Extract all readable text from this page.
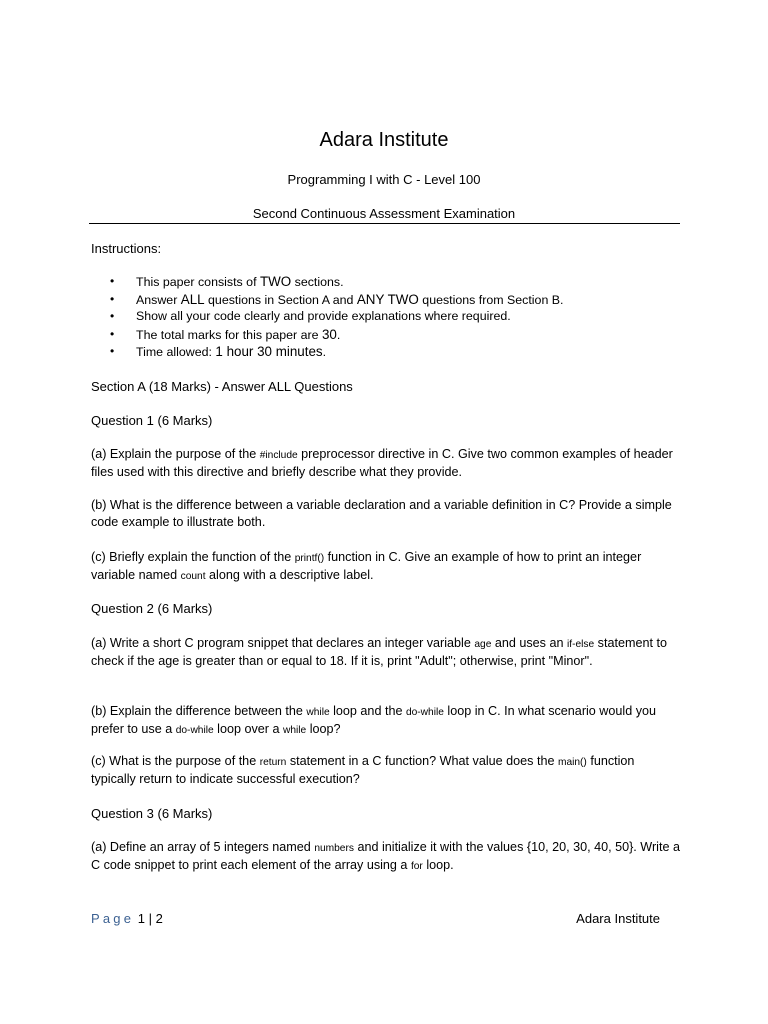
Adara Institute
Programming I with C - Level 100
Second Continuous Assessment Examination
Instructions:
• This paper consists of TWO sections.
• Answer ALL questions in Section A and ANY TWO questions from Section B.
• Show all your code clearly and provide explanations where required.
• The total marks for this paper are 30.
• Time allowed: 1 hour 30 minutes.
Section A (18 Marks) - Answer ALL Questions
Question 1 (6 Marks)
(a) Explain the purpose of the #include preprocessor directive in C. Give two common examples of header files used with this directive and briefly describe what they provide.
(b) What is the difference between a variable declaration and a variable definition in C? Provide a simple code example to illustrate both.
(c) Briefly explain the function of the printf() function in C. Give an example of how to print an integer variable named count along with a descriptive label.
Question 2 (6 Marks)
(a) Write a short C program snippet that declares an integer variable age and uses an if-else statement to check if the age is greater than or equal to 18. If it is, print "Adult"; otherwise, print "Minor".
(b) Explain the difference between the while loop and the do-while loop in C. In what scenario would you prefer to use a do-while loop over a while loop?
(c) What is the purpose of the return statement in a C function? What value does the main() function typically return to indicate successful execution?
Question 3 (6 Marks)
(a) Define an array of 5 integers named numbers and initialize it with the values {10, 20, 30, 40, 50}. Write a C code snippet to print each element of the array using a for loop.
Page 1 | 2	Adara Institute
